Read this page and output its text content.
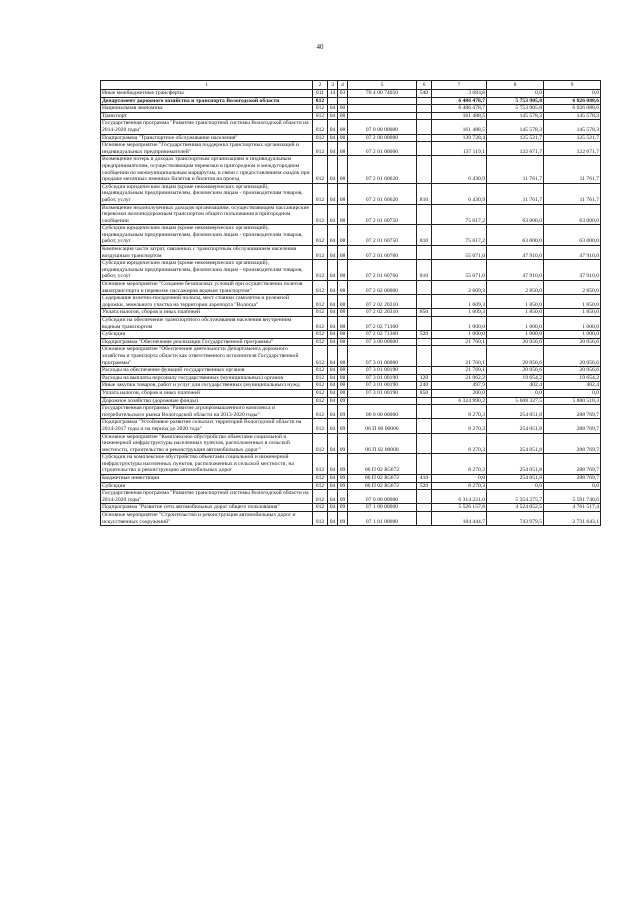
40
1	2	3	4	5	6	7	8	9
Иные межбюджетные трансферты	011	14	03	70 4 00 74050	540	3 683,8	0,0	0,0
Департамент дорожного хозяйства и транспорта Вологодской области	012					6 486 478,7	5 753 905,8	6 026 088,6
Национальная экономика	012	04	00			6 486 478,7	5 753 905,8	6 026 088,6
Транспорт	012	04	08			161 488,5	145 578,3	145 578,3
Государственная программа "Развитие транспортной системы Вологодской области на 2014-2020 годы"	012	04	08	07 0 00 00000		161 488,5	145 578,3	145 578,3
Подпрограмма "Транспортное обслуживание населения"	012	04	08	07 2 00 00000		139 728,4	125 521,7	125 521,7
Основное мероприятие "Государственная поддержка транспортных организаций и индивидуальных предпринимателей"	012	04	08	07 2 01 00000		137 119,1	122 671,7	122 671,7
Возмещение потерь в доходах транспортным организациям и индивидуальным предпринимателям, осуществляющим перевозки в пригородном и междугородном сообщении по межмуниципальным маршрутам, в связи с предоставлением скидок при продаже месячных именных билетов и билетов на проезд	012	04	08	07 2 01 60620		6 430,9	11 761,7	11 761,7
Субсидии юридическим лицам (кроме некоммерческих организаций), индивидуальным предпринимателям, физическим лицам - производителям товаров, работ, услуг	012	04	08	07 2 01 60620	810	6 430,9	11 761,7	11 761,7
Возмещение недополученных доходов организациям, осуществляющим пассажирские перевозки железнодорожным транспортом общего пользования в пригородном сообщении	012	04	08	07 2 01 60750		75 617,2	63 000,0	63 000,0
Субсидии юридическим лицам (кроме некоммерческих организаций), индивидуальным предпринимателям, физическим лицам - производителям товаров, работ, услуг	012	04	08	07 2 01 60750	810	75 617,2	63 000,0	63 000,0
Компенсация части затрат, связанных с транспортным обслуживанием населения воздушным транспортом	012	04	08	07 2 01 60760		55 071,0	47 910,0	47 910,0
Субсидии юридическим лицам (кроме некоммерческих организаций), индивидуальным предпринимателям, физическим лицам - производителям товаров, работ, услуг	012	04	08	07 2 01 60760	810	55 071,0	47 910,0	47 910,0
Основное мероприятие "Создание безопасных условий при осуществлении полетов авиатранспорта и перевозке пассажиров водным транспортом"	012	04	08	07 2 02 00000		2 609,3	2 850,0	2 850,0
Содержание взлетно-посадочной полосы, мест стоянки самолетов и рулежной дорожки, земельного участка на территории аэропорта "Вологда"	012	04	08	07 2 02 20310		1 609,3	1 850,0	1 850,0
Уплата налогов, сборов и иных платежей	012	04	08	07 2 02 20310	850	1 609,3	1 850,0	1 850,0
Субсидии на обеспечение транспортного обслуживания населения внутренним водным транспортом	012	04	08	07 2 02 71300		1 000,0	1 000,0	1 000,0
Субсидии	012	04	08	07 2 02 71300	520	1 000,0	1 000,0	1 000,0
Подпрограмма "Обеспечение реализации Государственной программы"	012	04	08	07 3 00 00000		21 760,1	20 056,6	20 056,6
Основное мероприятие "Обеспечение деятельности Департамента дорожного хозяйства и транспорта области как ответственного исполнителя Государственной программы"	012	04	08	07 3 01 00000		21 760,1	20 056,6	20 056,6
Расходы на обеспечение функций государственных органов	012	04	08	07 3 01 00190		21 760,1	20 056,6	20 056,6
Расходы на выплаты персоналу государственных (муниципальных) органов	012	04	08	07 3 01 00190	120	21 062,2	19 654,2	19 654,2
Иные закупки товаров, работ и услуг для государственных (муниципальных) нужд	012	04	08	07 3 01 00190	240	497,9	402,4	402,4
Уплата налогов, сборов и иных платежей	012	04	08	07 3 01 00190	850	200,0	0,0	0,0
Дорожное хозяйство (дорожные фонды)	012	04	09			6 324 990,2	5 608 327,5	5 880 510,3
Государственная программа "Развитие агропромышленного комплекса и потребительского рынка Вологодской области на 2013-2020 годы"	012	04	09	06 0 00 00000		8 270,3	254 051,8	288 769,7
Подпрограмма "Устойчивое развитие сельских территорий Вологодской области на 2014-2017 годы и на период до 2020 года"	012	04	09	06 П 00 00000		8 270,3	254 051,8	288 769,7
Основное мероприятие "Комплексное обустройство объектами социальной и инженерной инфраструктуры населенных пунктов, расположенных в сельской местности, строительство и реконструкция автомобильных дорог"	012	04	09	06 П 02 00000		8 270,3	254 051,8	288 769,7
Субсидии на комплексное обустройство объектами социальной и инженерной инфраструктуры населенных пунктов, расположенных в сельской местности, на строительство и реконструкцию автомобильных дорог	012	04	09	06 П 02 R5672		8 270,3	254 051,8	288 769,7
Бюджетные инвестиции	012	04	09	06 П 02 R5672	410	0,0	254 051,8	288 769,7
Субсидии	012	04	09	06 П 02 R5672	520	8 270,3	0,0	0,0
Государственная программа "Развитие транспортной системы Вологодской области на 2014-2020 годы"	012	04	09	07 0 00 00000		6 314 221,0	5 354 275,7	5 591 740,6
Подпрограмма "Развитие сети автомобильных дорог общего пользования"	012	04	09	07 1 00 00000		5 526 157,8	4 524 052,5	4 761 517,4
Основное мероприятие "Строительство и реконструкция автомобильных дорог и искусственных сооружений"	012	04	09	07 1 01 00000		184 444,7	743 979,5	2 731 643,1
